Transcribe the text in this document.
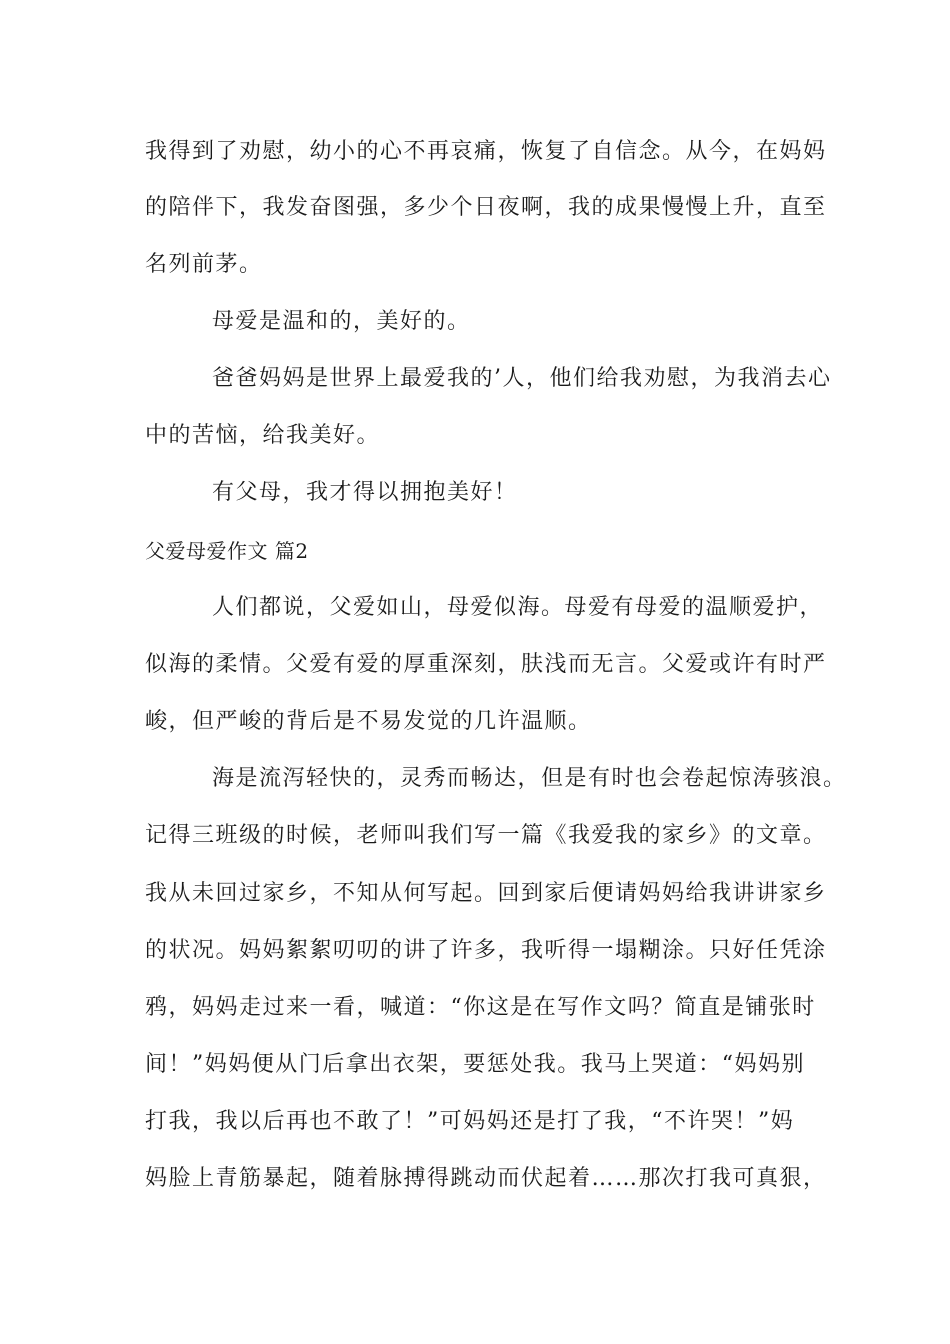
我得到了劝慰，幼小的心不再哀痛，恢复了自信念。从今，在妈妈
的陪伴下，我发奋图强，多少个日夜啊，我的成果慢慢上升，直至
名列前茅。
母爱是温和的，美好的。
爸爸妈妈是世界上最爱我的’人，他们给我劝慰，为我消去心
中的苦恼，给我美好。
有父母，我才得以拥抱美好！
父爱母爱作文 篇2
人们都说，父爱如山，母爱似海。母爱有母爱的温顺爱护，
似海的柔情。父爱有爱的厚重深刻，肤浅而无言。父爱或许有时严
峻，但严峻的背后是不易发觉的几许温顺。
海是流泻轻快的，灵秀而畅达，但是有时也会卷起惊涛骇浪。
记得三班级的时候，老师叫我们写一篇《我爱我的家乡》的文章。
我从未回过家乡，不知从何写起。回到家后便请妈妈给我讲讲家乡
的状况。妈妈絮絮叨叨的讲了许多，我听得一塌糊涂。只好任凭涂
鸦，妈妈走过来一看，喊道：“你这是在写作文吗？简直是铺张时
间！”妈妈便从门后拿出衣架，要惩处我。我马上哭道：“妈妈别
打我，我以后再也不敢了！”可妈妈还是打了我，“不许哭！”妈
妈脸上青筋暴起，随着脉搏得跳动而伏起着……那次打我可真狠，
